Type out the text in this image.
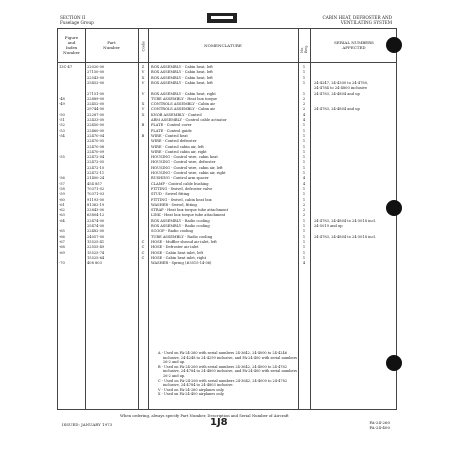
SECTION II
Fuselage Group
CABIN HEAT, DEFROSTER AND
VENTILATING SYSTEM
Figure
and
Index
Number
Part
Number	Code	NOMENCLATURE
No. Req.
SERIAL NUMBERS
AFFECTED
13C-47	22020-00	Z	BOX ASSEMBLY - Cabin heat, left	1
27150-00	V	BOX ASSEMBLY - Cabin heat, left	1
22543-00	X	BOX ASSEMBLY - Cabin heat, left	1
25452-00	V	BOX ASSEMBLY - Cabin heat, left	1	24-4247, 24-4300 to 24-4780,
24-4784 to 24-4800 inclusive
27151-00	V	BOX ASSEMBLY - Cabin heat, right	1	24-4783, 24-4804 and up
-48	22889-00	TUBE ASSEMBLY - Heat box torque	2
-49	22452-00	X	CONTROLS ASSEMBLY - Cabin air	2
29744-00	V	CONTROLS ASSEMBLY - Cabin air	2	24-4783, 24-4804 and up
-50	22287-00	X	KNOB ASSEMBLY - Control	4
-51	22433-00	ARM ASSEMBLY - Control cable actuator	4
-52	22450-00	B	PLATE - Control cover	1
-53	22460-00	PLATE - Control guide	1
-54	22470-04	B	WIRE - Control heat	1
22470-05	WIRE - Control defroster	1
22470-08	WIRE - Control cabin air, left	1
22470-09	WIRE - Control cabin air, right	1
-55	22472-04	HOUSING - Control wire, cabin heat	1
22472-05	HOUSING - Control wire, defroster	1
22472-10	HOUSING - Control wire, cabin air, left	1
22472-11	HOUSING - Control wire, cabin air, right	1
-56	21400-24	BUSHING - Control arm spacer	4
-57	454 857	CLAMP - Control cable bushing	4
-58	70371-02	FITTING - Swivel, defroster valve	1
-59	70371-03	STUD - Swivel fitting	1
-60	91193-00	FITTING - Swivel, cabin heat box	1
-61	81362-19	WASHER - Swivel, fitting	2
-62	22843-00	STRAP - Heat box torque tube attachment	2
-63	63804-12	LINK - Heat box torque tube attachment	2
-64	22474-00	BOX ASSEMBLY - Radio cooling	1	24-4783, 24-4804 to 24-5018 incl.
25474-00	BOX ASSEMBLY - Radio cooling	1	24-5019 and up
-65	22482-00	SCOOP - Radio cooling	1
-66	24057-00	TUBE ASSEMBLY - Radio cooling	1	24-4783, 24-4804 to 24-5018 incl.
-67	15525-41	C	HOSE - Muffler shroud air inlet, left	1
-68	22555-49	C	HOSE - Defroster air inlet	1
-69	15525-74	C	HOSE - Cabin heat inlet, left	1
15525-64	C	HOSE - Cabin heat inlet, right	1
-70	408 803	WASHER - Spring (#3515-14-06)	4
A - Used on PA-24-260 with serial numbers 24-3642, 24-4000 to 24-4246 inclusive, 24-4248 to 24-4299 inclusive, and PA-24-400 with serial numbers 26-2 and up.
B - Used on PA-24-260 with serial numbers 24-3642, 24-4000 to 24-4782 inclusive, 24-4784 to 24-4800 inclusive, and PA-24-400 with serial numbers 26-2 and up.
C - Used on PA-24-260 with serial numbers 24-3642, 24-4000 to 24-4782 inclusive, 24-4784 to 24-4803 inclusive.
V - Used on PA-24-260 airplanes only.
X - Used on PA-24-400 airplanes only.
When ordering, always specify Part Number, Description and Serial Number of Aircraft
ISSUED: JANUARY 1973	1J8	PA-24-260
PA-24-400
